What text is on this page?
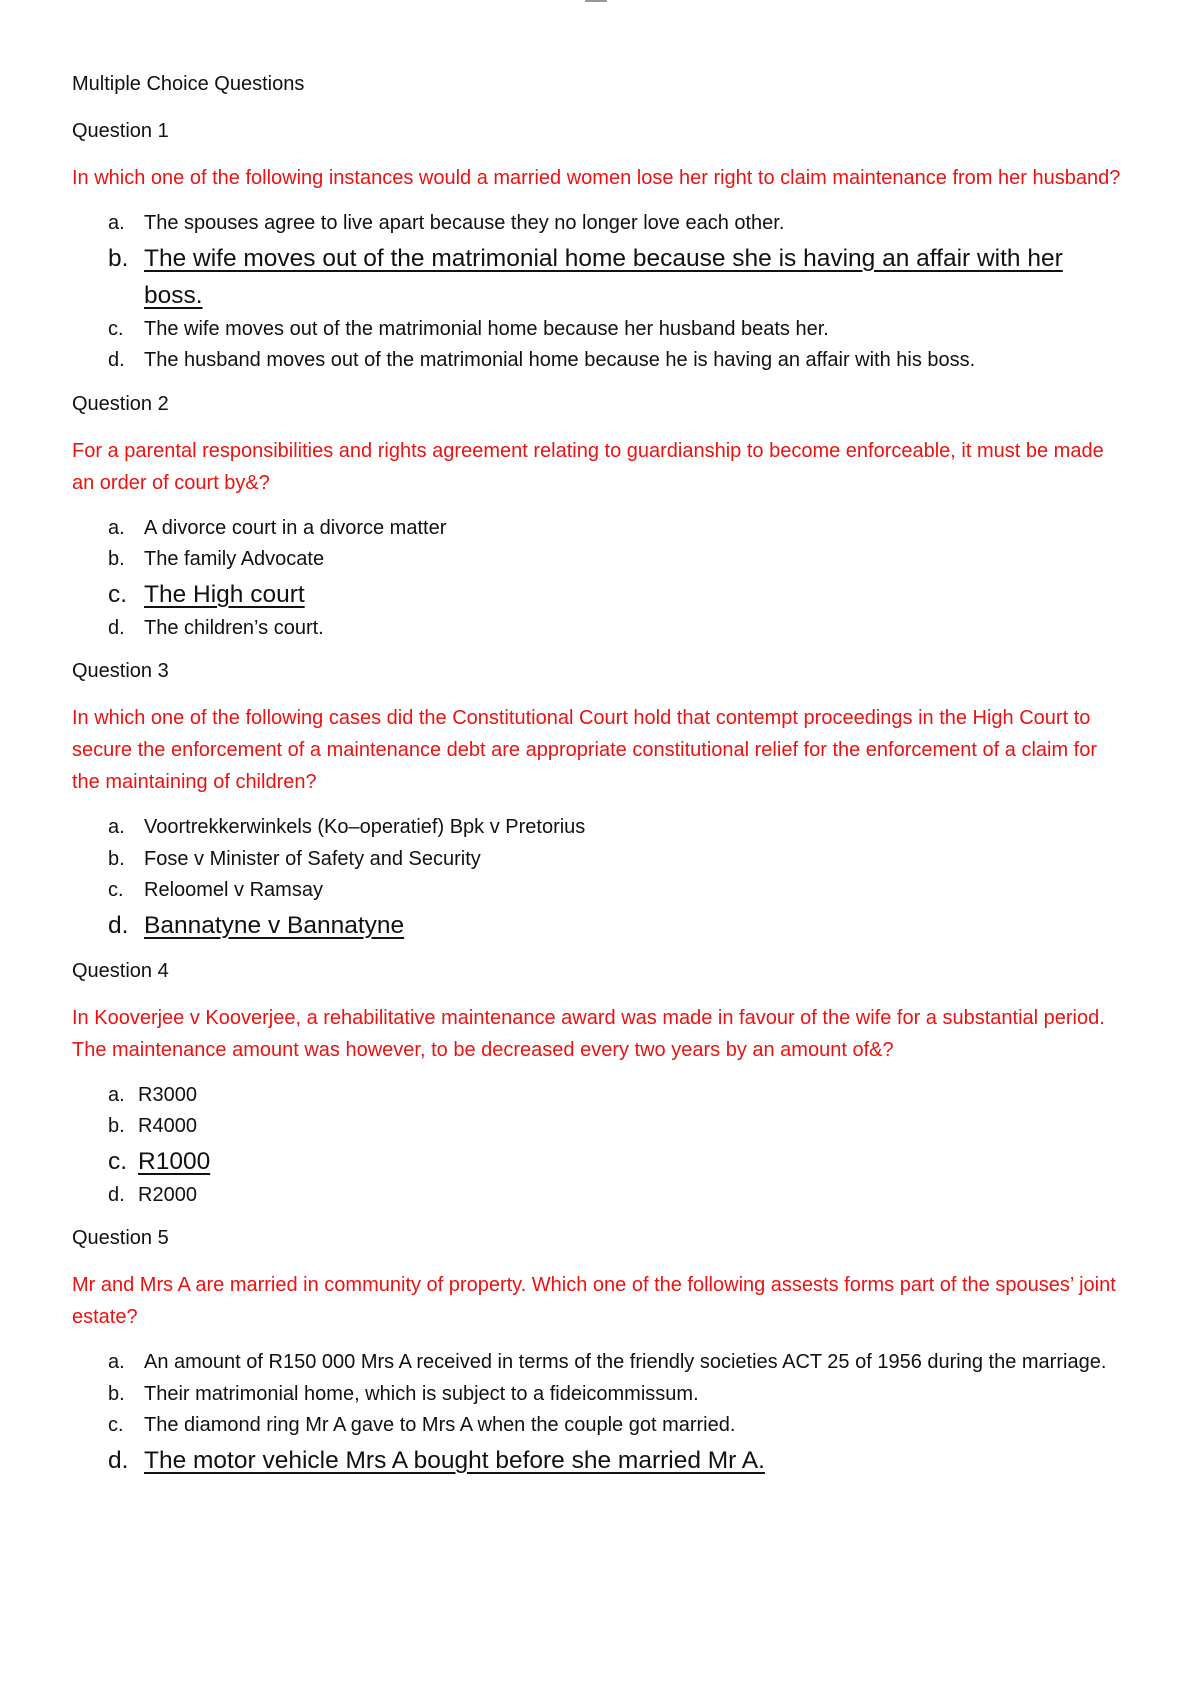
Multiple Choice Questions
Question 1
In which one of the following instances would a married women lose her right to claim maintenance from her husband?
a. The spouses agree to live apart because they no longer love each other.
b. The wife moves out of the matrimonial home because she is having an affair with her boss.
c. The wife moves out of the matrimonial home because her husband beats her.
d. The husband moves out of the matrimonial home because he is having an affair with his boss.
Question 2
For a parental responsibilities and rights agreement relating to guardianship to become enforceable, it must be made an order of court by&?
a. A divorce court in a divorce matter
b. The family Advocate
c. The High court
d. The children’s court.
Question 3
In which one of the following cases did the Constitutional Court hold that contempt proceedings in the High Court to secure the enforcement of a maintenance debt are appropriate constitutional relief for the enforcement of a claim for the maintaining of children?
a. Voortrekkerwinkels (Ko–operatief) Bpk v Pretorius
b. Fose v Minister of Safety and Security
c. Reloomel v Ramsay
d. Bannatyne v Bannatyne
Question 4
In Kooverjee v Kooverjee, a rehabilitative maintenance award was made in favour of the wife for a substantial period. The maintenance amount was however, to be decreased every two years by an amount of&?
a. R3000
b. R4000
c. R1000
d. R2000
Question 5
Mr and Mrs A are married in community of property. Which one of the following assests forms part of the spouses’ joint estate?
a. An amount of R150 000 Mrs A received in terms of the friendly societies ACT 25 of 1956 during the marriage.
b. Their matrimonial home, which is subject to a fideicommissum.
c. The diamond ring Mr A gave to Mrs A when the couple got married.
d. The motor vehicle Mrs A bought before she married Mr A.
